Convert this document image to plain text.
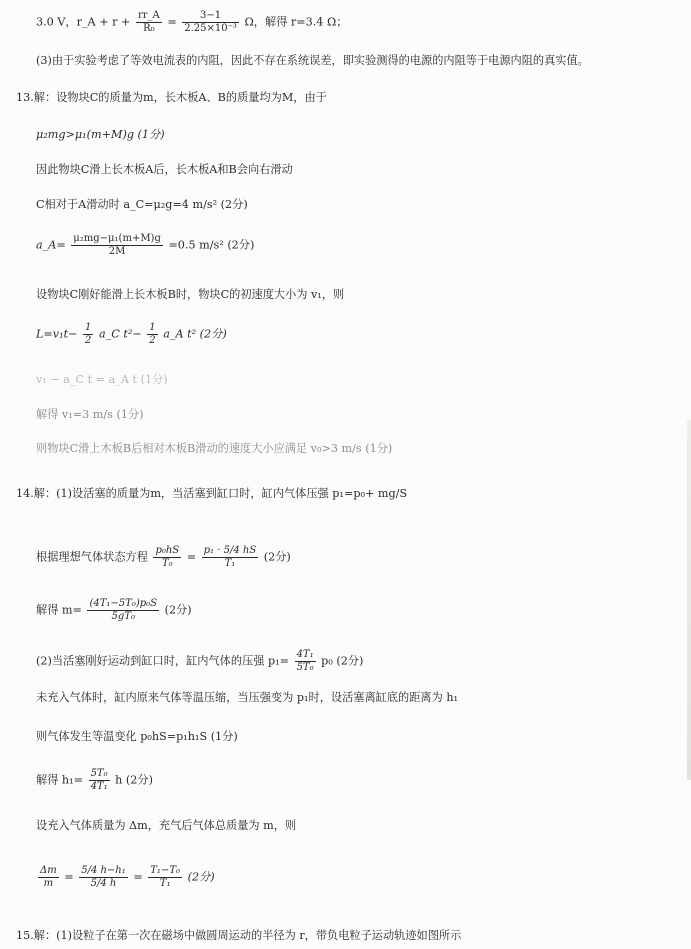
3.0 V，r_A + $r + \frac{rr\_A}{\text{R₀}} = \frac{3-1}{\text{2.25×10⁻³}}$ Ω，解得 r=3.4 Ω；
(3)由于实验考虑了等效电流表的内阻，因此不存在系统误差，即实验测得的电源的内阻等于电源内阻的真实值。
13.解：设物块C的质量为m，长木板A、B的质量均为M，由于
μ₂mg>μ₁(m+M)g (1分)
因此物块C滑上长木板A后，长木板A和B会向右滑动
C相对于A滑动时 a_C=μ₂g=4 m/s² (2分)
a_A= $\frac{\text{μ₂mg−μ₁(m+M)g}}{2M} =0.5$ m/s² (2分)
设物块C刚好能滑上长木板B时，物块C的初速度大小为 v₁，则
$L=v_1t- \frac{1}{2}$ a_C $t^2- \frac{1}{2}$ a_A t² (2分)
v₁ − a_C t = a_A t (1分)
解得 v₁=3 m/s (1分)
则物块C滑上木板B后相对木板B滑动的速度大小应满足 v₀>3 m/s (1分)
14.解：(1)设活塞的质量为m，当活塞到缸口时，缸内气体压强 p₁=p₀+ mg/S
根据理想气体状态方程 $\frac{\text{p₀hS}}{\text{T₀}} = \frac{\text{p₁ · 5/4 hS}}{\text{T₁}} (2$分)
解得 $m= \frac{\text{(4T₁−5T₀)p₀S}}{\text{5gT₀}} (2$分)
(2)当活塞刚好运动到缸口时，缸内气体的压强 $p_1= \frac{\text{4T₁}}{\text{5T₀}} p_0$ (2分)
未充入气体时，缸内原来气体等温压缩，当压强变为 p₁时，设活塞离缸底的距离为 h₁
则气体发生等温变化 p₀hS=p₁h₁S (1分)
解得 $h_1= \frac{\text{5T₀}}{\text{4T₁}}$ h (2分)
设充入气体质量为 Δm，充气后气体总质量为 m，则
$\frac{\Delta m}{m} = \frac{\text{5/4 h−h₁}}{5/4 h} = \frac{\text{T₁−T₀}}{\text{T₁}} (2$分)
15.解：(1)设粒子在第一次在磁场中做圆周运动的半径为 r，带负电粒子运动轨迹如图所示
